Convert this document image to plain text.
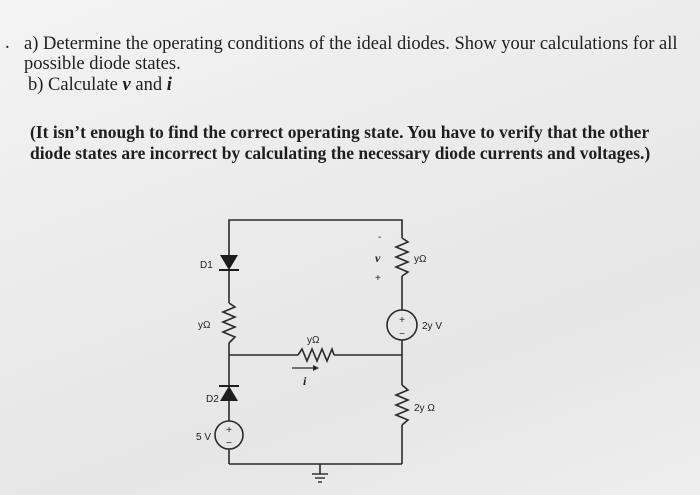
. a) Determine the operating conditions of the ideal diodes. Show your calculations for all
possible diode states.
b) Calculate v and i
(It isn’t enough to find the correct operating state. You have to verify that the other
diode states are incorrect by calculating the necessary diode currents and voltages.)
D1
yΩ
D2
+
−
5 V
yΩ
i
yΩ
-
v
+
+
−
2y V
2y Ω
